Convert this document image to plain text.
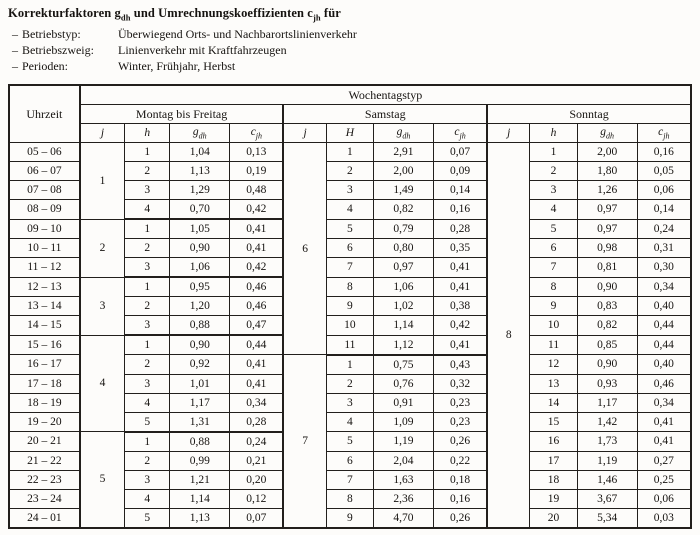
Korrekturfaktoren $g_{dh}$ und Umrechnungskoeffizienten $c_{jh}$ für
– Betriebstyp:	Überwiegend Orts- und Nachbarortslinienverkehr
– Betriebszweig:	Linienverkehr mit Kraftfahrzeugen
– Perioden:	Winter, Frühjahr, Herbst
Uhrzeit	Wochentagstyp											
	Montag bis Freitag				Samstag				Sonntag			
	j	h	$g_{dh}$	$c_{jh}$	j	H	$g_{dh}$	$c_{jh}$	j	h	$g_{dh}$	$c_{jh}$
05 – 06	1	1	1,04	0,13	6	1	2,91	0,07	8	1	2,00	0,16
06 – 07		2	1,13	0,19		2	2,00	0,09		2	1,80	0,05
07 – 08		3	1,29	0,48		3	1,49	0,14		3	1,26	0,06
08 – 09		4	0,70	0,42		4	0,82	0,16		4	0,97	0,14
09 – 10	2	1	1,05	0,41		5	0,79	0,28		5	0,97	0,24
10 – 11		2	0,90	0,41		6	0,80	0,35		6	0,98	0,31
11 – 12		3	1,06	0,42		7	0,97	0,41		7	0,81	0,30
12 – 13	3	1	0,95	0,46		8	1,06	0,41		8	0,90	0,34
13 – 14		2	1,20	0,46		9	1,02	0,38		9	0,83	0,40
14 – 15		3	0,88	0,47		10	1,14	0,42		10	0,82	0,44
15 – 16	4	1	0,90	0,44		11	1,12	0,41		11	0,85	0,44
16 – 17		2	0,92	0,41	7	1	0,75	0,43		12	0,90	0,40
17 – 18		3	1,01	0,41		2	0,76	0,32		13	0,93	0,46
18 – 19		4	1,17	0,34		3	0,91	0,23		14	1,17	0,34
19 – 20		5	1,31	0,28		4	1,09	0,23		15	1,42	0,41
20 – 21	5	1	0,88	0,24		5	1,19	0,26		16	1,73	0,41
21 – 22		2	0,99	0,21		6	2,04	0,22		17	1,19	0,27
22 – 23		3	1,21	0,20		7	1,63	0,18		18	1,46	0,25
23 – 24		4	1,14	0,12		8	2,36	0,16		19	3,67	0,06
24 – 01		5	1,13	0,07		9	4,70	0,26		20	5,34	0,03
